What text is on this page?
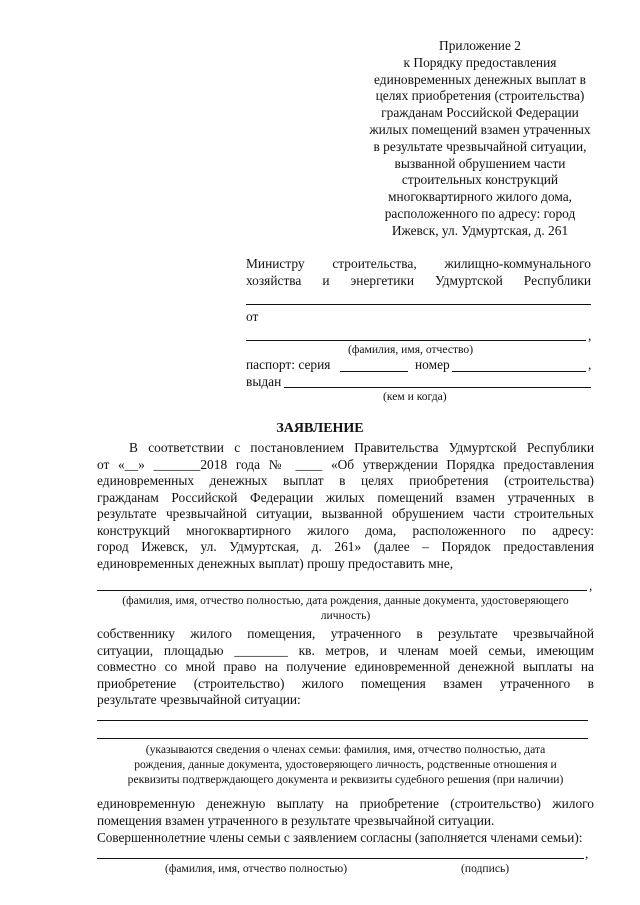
Приложение 2
к Порядку предоставления
единовременных денежных выплат в
целях приобретения (строительства)
гражданам Российской Федерации
жилых помещений взамен утраченных
в результате чрезвычайной ситуации,
вызванной обрушением части
строительных конструкций
многоквартирного жилого дома,
расположенного по адресу: город
Ижевск, ул. Удмуртская, д. 261
Министру строительства, жилищно-коммунального
хозяйства и энергетики Удмуртской Республики
от
,
(фамилия, имя, отчество)
паспорт: серия	номер	,
выдан
(кем и когда)
ЗАЯВЛЕНИЕ
В соответствии с постановлением Правительства Удмуртской Республики
от «__» _______2018 года № ____ «Об утверждении Порядка предоставления
единовременных денежных выплат в целях приобретения (строительства)
гражданам Российской Федерации жилых помещений взамен утраченных в
результате чрезвычайной ситуации, вызванной обрушением части строительных
конструкций многоквартирного жилого дома, расположенного по адресу:
город Ижевск, ул. Удмуртская, д. 261» (далее – Порядок предоставления
единовременных денежных выплат) прошу предоставить мне,
,
(фамилия, имя, отчество полностью, дата рождения, данные документа, удостоверяющего
личность)
собственнику жилого помещения, утраченного в результате чрезвычайной
ситуации, площадью ________ кв. метров, и членам моей семьи, имеющим
совместно со мной право на получение единовременной денежной выплаты на
приобретение (строительство) жилого помещения взамен утраченного в
результате чрезвычайной ситуации:
(указываются сведения о членах семьи: фамилия, имя, отчество полностью, дата
рождения, данные документа, удостоверяющего личность, родственные отношения и
реквизиты подтверждающего документа и реквизиты судебного решения (при наличии)
единовременную денежную выплату на приобретение (строительство) жилого
помещения взамен утраченного в результате чрезвычайной ситуации.
Совершеннолетние члены семьи с заявлением согласны (заполняется членами семьи):
,
(фамилия, имя, отчество полностью)	(подпись)
